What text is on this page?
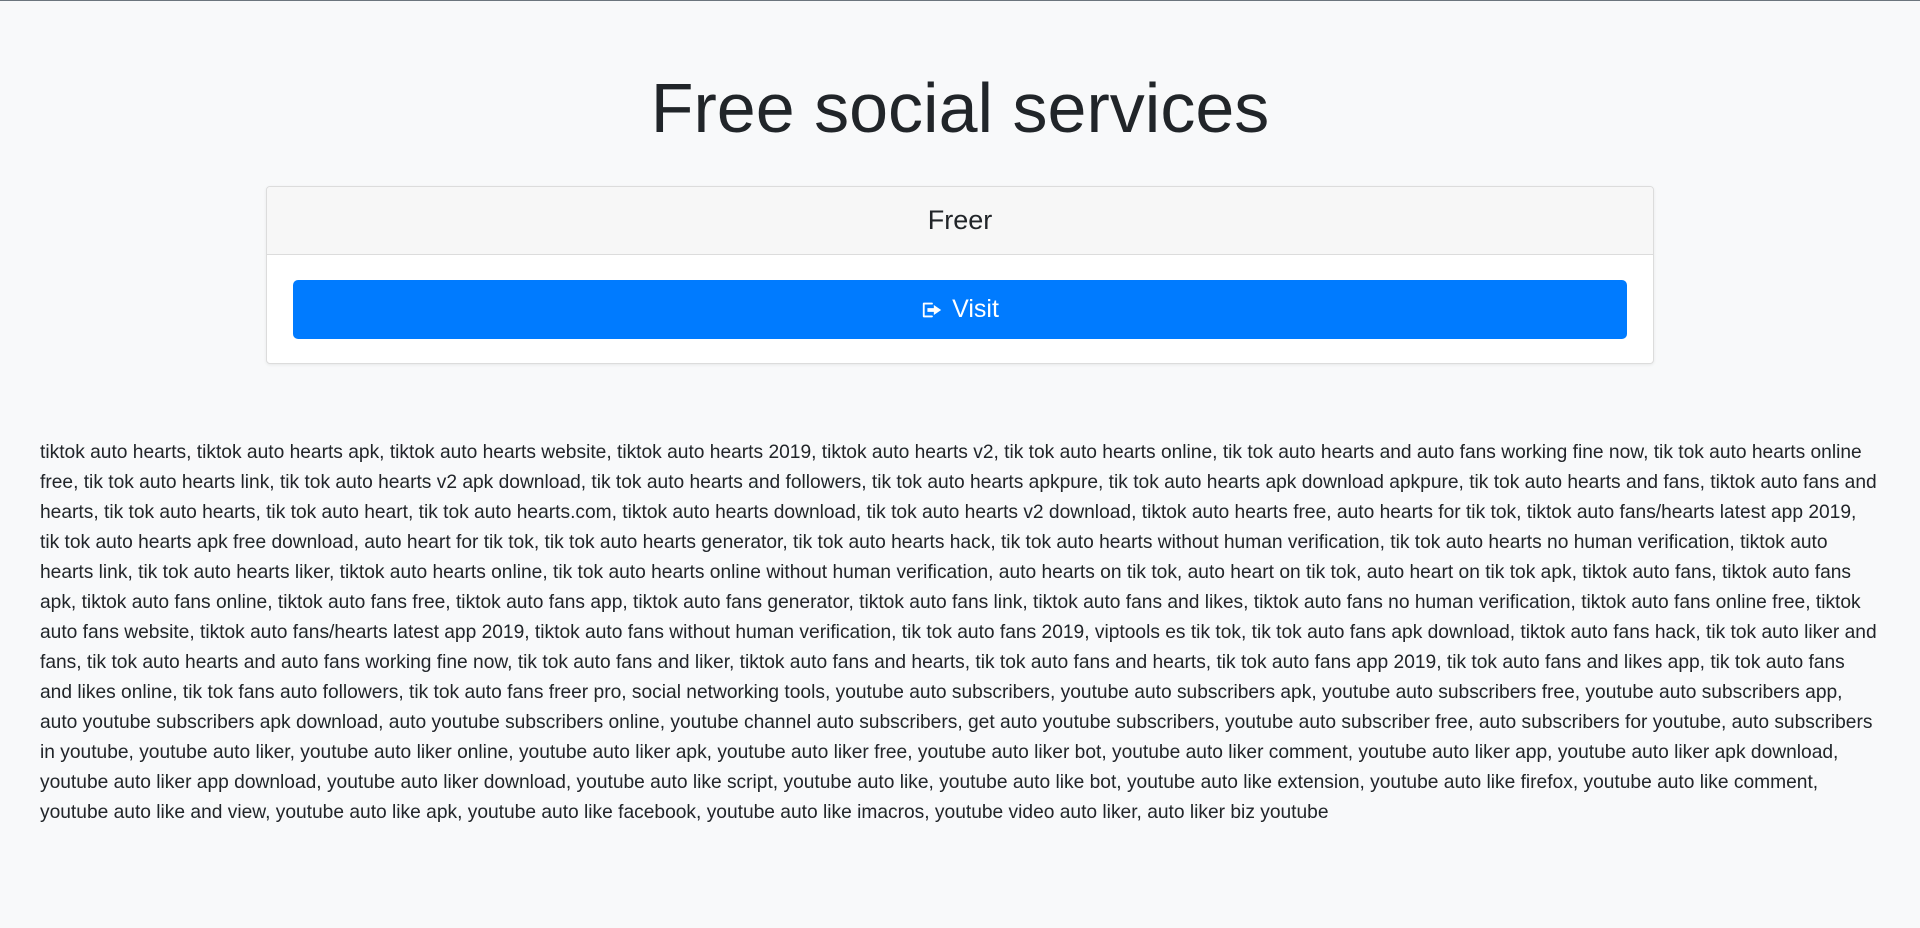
Free social services
Freer
Visit

tiktok auto hearts, tiktok auto hearts apk, tiktok auto hearts website, tiktok auto hearts 2019, tiktok auto hearts v2, tik tok auto hearts online, tik tok auto hearts and auto fans working fine now, tik tok auto hearts online free, tik tok auto hearts link, tik tok auto hearts v2 apk download, tik tok auto hearts and followers, tik tok auto hearts apkpure, tik tok auto hearts apk download apkpure, tik tok auto hearts and fans, tiktok auto fans and hearts, tik tok auto hearts, tik tok auto heart, tik tok auto hearts.com, tiktok auto hearts download, tik tok auto hearts v2 download, tiktok auto hearts free, auto hearts for tik tok, tiktok auto fans/hearts latest app 2019, tik tok auto hearts apk free download, auto heart for tik tok, tik tok auto hearts generator, tik tok auto hearts hack, tik tok auto hearts without human verification, tik tok auto hearts no human verification, tiktok auto hearts link, tik tok auto hearts liker, tiktok auto hearts online, tik tok auto hearts online without human verification, auto hearts on tik tok, auto heart on tik tok, auto heart on tik tok apk, tiktok auto fans, tiktok auto fans apk, tiktok auto fans online, tiktok auto fans free, tiktok auto fans app, tiktok auto fans generator, tiktok auto fans link, tiktok auto fans and likes, tiktok auto fans no human verification, tiktok auto fans online free, tiktok auto fans website, tiktok auto fans/hearts latest app 2019, tiktok auto fans without human verification, tik tok auto fans 2019, viptools es tik tok, tik tok auto fans apk download, tiktok auto fans hack, tik tok auto liker and fans, tik tok auto hearts and auto fans working fine now, tik tok auto fans and liker, tiktok auto fans and hearts, tik tok auto fans and hearts, tik tok auto fans app 2019, tik tok auto fans and likes app, tik tok auto fans and likes online, tik tok fans auto followers, tik tok auto fans freer pro, social networking tools, youtube auto subscribers, youtube auto subscribers apk, youtube auto subscribers free, youtube auto subscribers app, auto youtube subscribers apk download, auto youtube subscribers online, youtube channel auto subscribers, get auto youtube subscribers, youtube auto subscriber free, auto subscribers for youtube, auto subscribers in youtube, youtube auto liker, youtube auto liker online, youtube auto liker apk, youtube auto liker free, youtube auto liker bot, youtube auto liker comment, youtube auto liker app, youtube auto liker apk download, youtube auto liker app download, youtube auto liker download, youtube auto like script, youtube auto like, youtube auto like bot, youtube auto like extension, youtube auto like firefox, youtube auto like comment, youtube auto like and view, youtube auto like apk, youtube auto like facebook, youtube auto like imacros, youtube video auto liker, auto liker biz youtube
